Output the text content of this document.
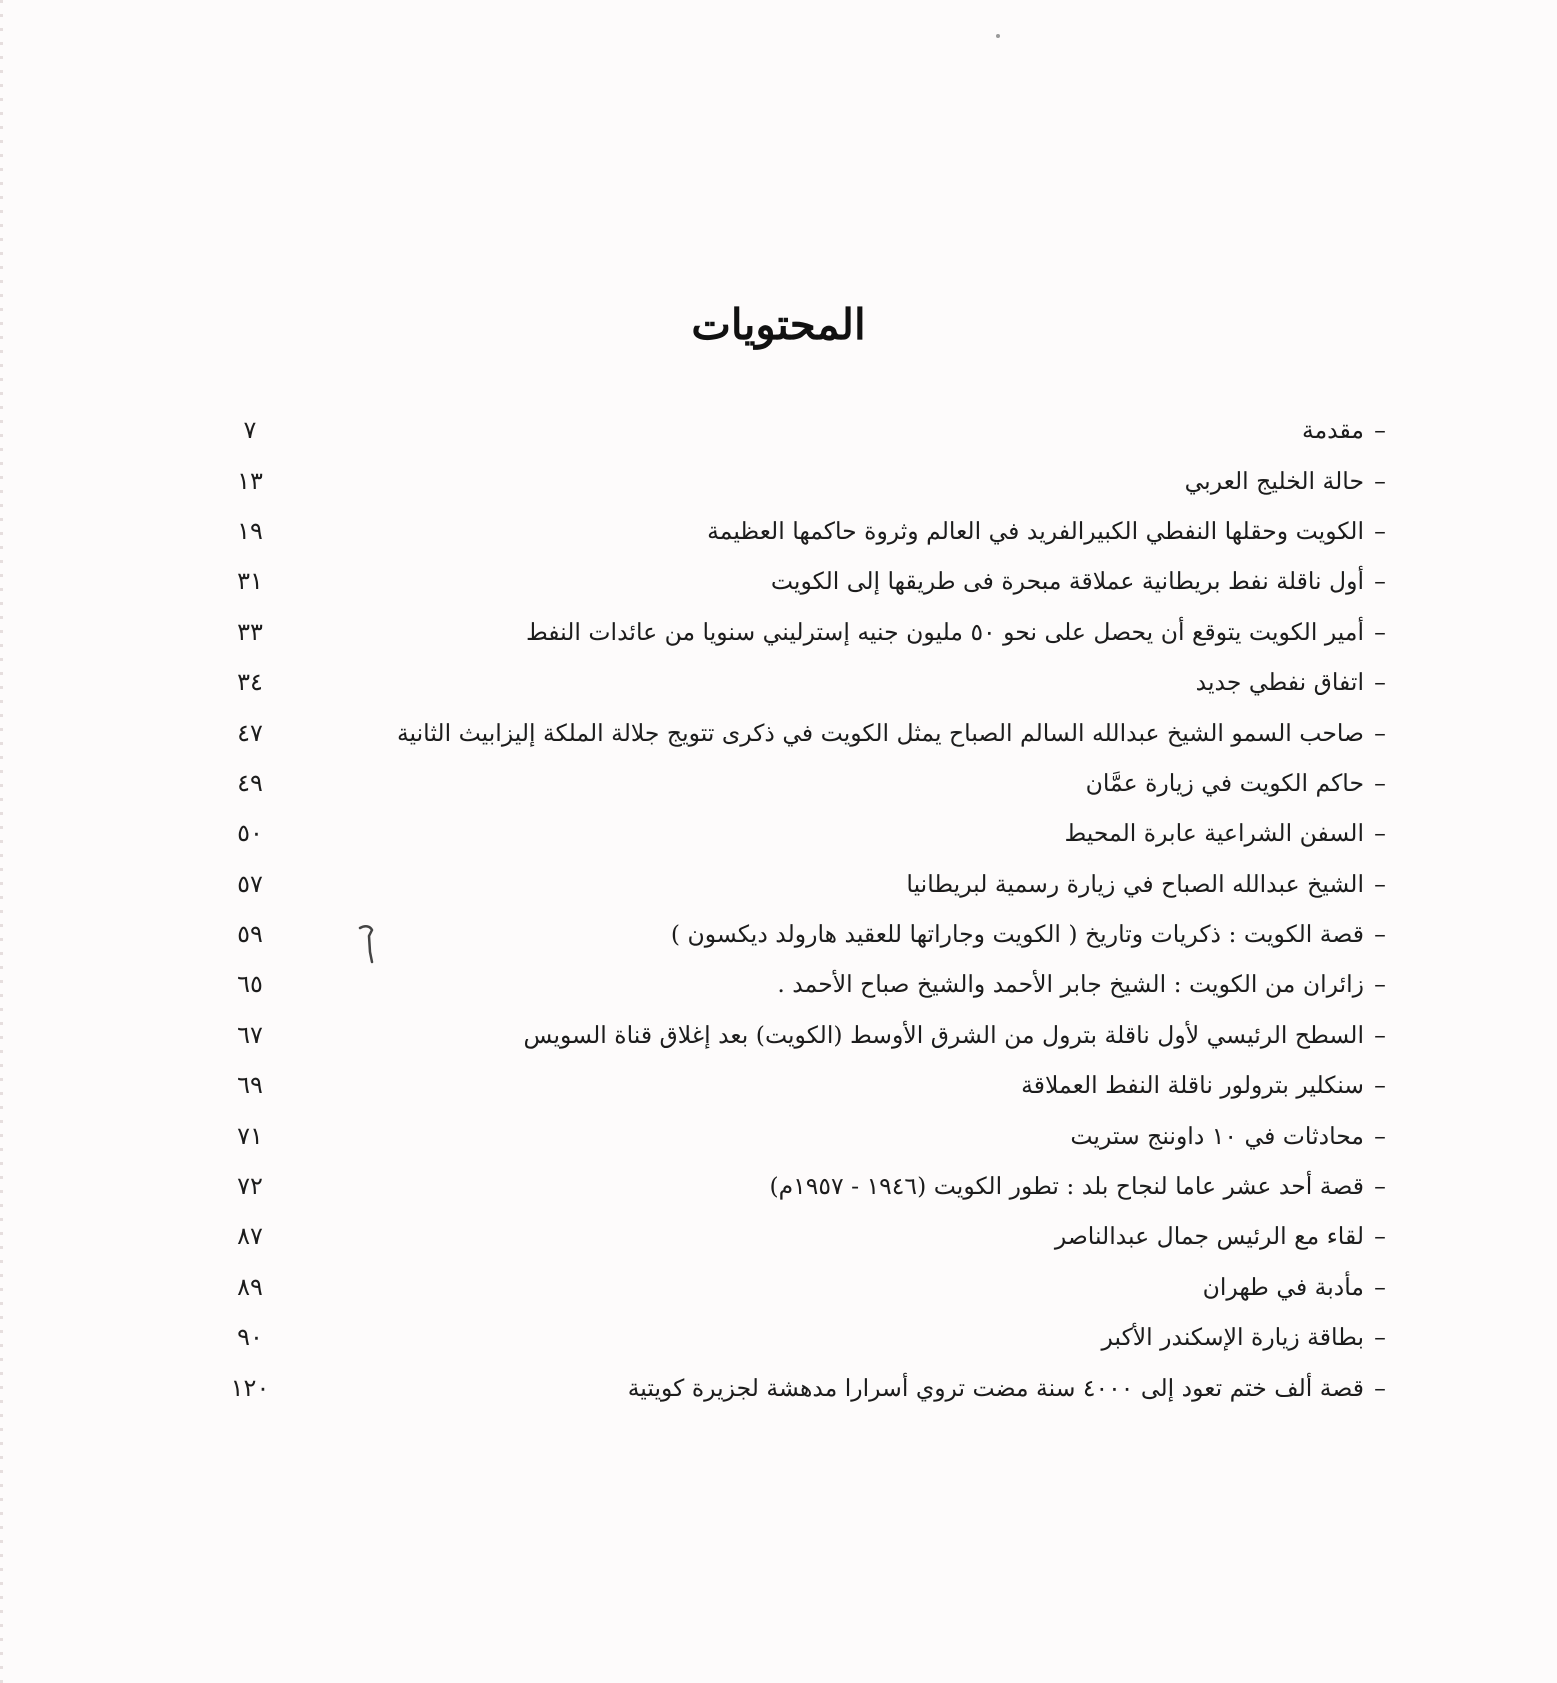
المحتويات
–
مقدمة
٧
–
حالة الخليج العربي
١٣
–
الكويت وحقلها النفطي الكبيرالفريد في العالم وثروة حاكمها العظيمة
١٩
–
أول ناقلة نفط بريطانية عملاقة مبحرة فى طريقها إلى الكويت
٣١
–
أمير الكويت يتوقع أن يحصل على نحو ٥٠ مليون جنيه إسترليني سنويا من عائدات النفط
٣٣
–
اتفاق نفطي جديد
٣٤
–
صاحب السمو الشيخ عبدالله السالم الصباح يمثل الكويت في ذكرى تتويج جلالة الملكة إليزابيث الثانية
٤٧
–
حاكم الكويت في زيارة عمَّان
٤٩
–
السفن الشراعية عابرة المحيط
٥٠
–
الشيخ عبدالله الصباح في زيارة رسمية لبريطانيا
٥٧
–
قصة الكويت : ذكريات وتاريخ ( الكويت وجاراتها للعقيد هارولد ديكسون )
٥٩
–
زائران من الكويت : الشيخ جابر الأحمد والشيخ صباح الأحمد .
٦٥
–
السطح الرئيسي لأول ناقلة بترول من الشرق الأوسط (الكويت) بعد إغلاق قناة السويس
٦٧
–
سنكلير بترولور ناقلة النفط العملاقة
٦٩
–
محادثات في ١٠ داوننج ستريت
٧١
–
قصة أحد عشر عاما لنجاح بلد : تطور الكويت (١٩٤٦ - ١٩٥٧م)
٧٢
–
لقاء مع الرئيس جمال عبدالناصر
٨٧
–
مأدبة في طهران
٨٩
–
بطاقة زيارة الإسكندر الأكبر
٩٠
–
قصة ألف ختم تعود إلى ٤٠٠٠ سنة مضت تروي أسرارا مدهشة لجزيرة كويتية
١٢٠
